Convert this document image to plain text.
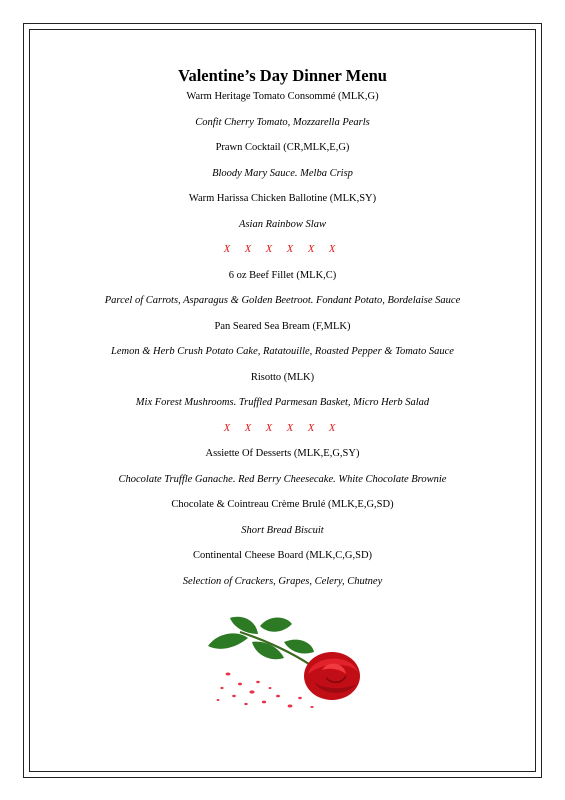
Valentine’s Day Dinner Menu
Warm Heritage Tomato Consommé (MLK,G)
Confit Cherry Tomato, Mozzarella Pearls
Prawn Cocktail (CR,MLK,E,G)
Bloody Mary Sauce. Melba Crisp
Warm Harissa Chicken Ballotine (MLK,SY)
Asian Rainbow Slaw
X X X X X X
6 oz Beef Fillet (MLK,C)
Parcel of Carrots, Asparagus & Golden Beetroot. Fondant Potato, Bordelaise Sauce
Pan Seared Sea Bream (F,MLK)
Lemon & Herb Crush Potato Cake, Ratatouille, Roasted Pepper & Tomato Sauce
Risotto (MLK)
Mix Forest Mushrooms. Truffled Parmesan Basket, Micro Herb Salad
X X X X X X
Assiette Of Desserts (MLK,E,G,SY)
Chocolate Truffle Ganache. Red Berry Cheesecake. White Chocolate Brownie
Chocolate & Cointreau Crème Brulé (MLK,E,G,SD)
Short Bread Biscuit
Continental Cheese Board (MLK,C,G,SD)
Selection of Crackers, Grapes, Celery, Chutney
